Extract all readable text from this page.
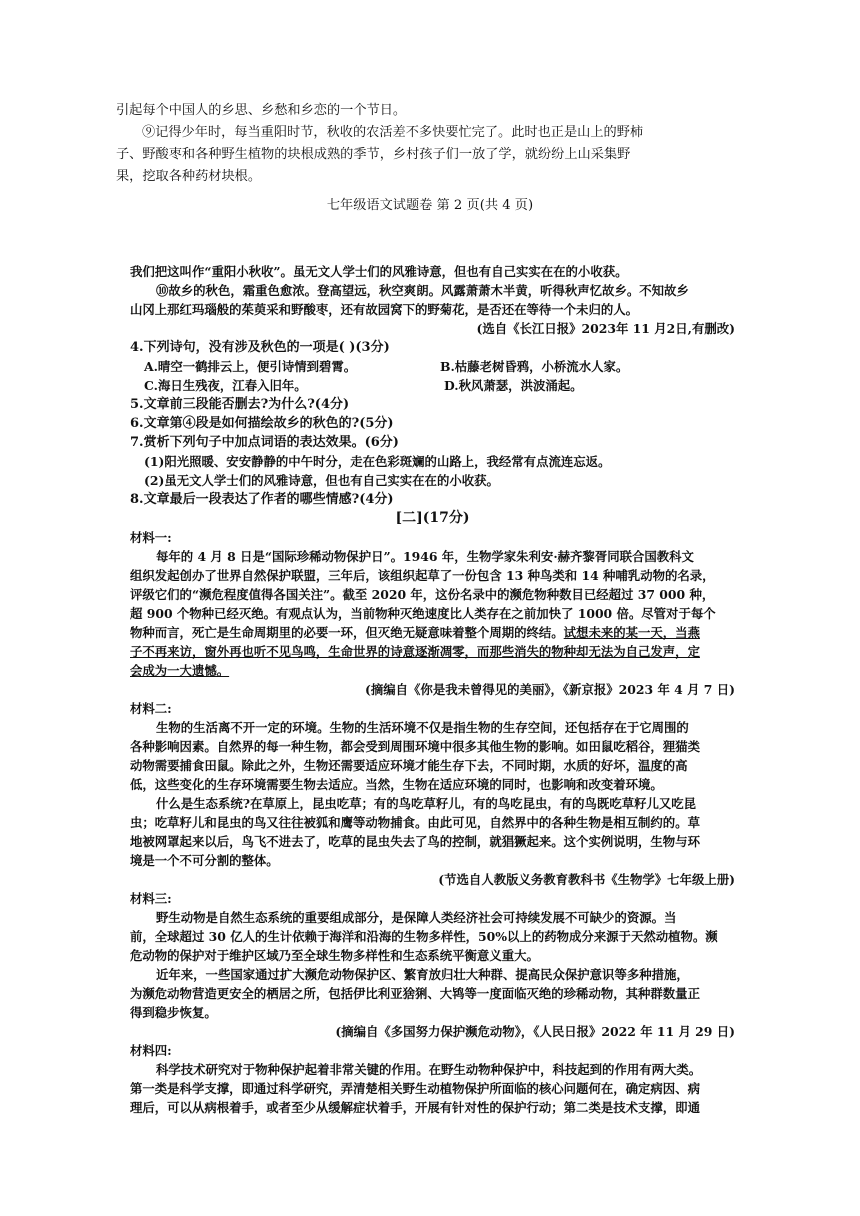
引起每个中国人的乡思、乡愁和乡恋的一个节日。
⑨记得少年时，每当重阳时节，秋收的农活差不多快要忙完了。此时也正是山上的野柿
子、野酸枣和各种野生植物的块根成熟的季节，乡村孩子们一放了学，就纷纷上山采集野
果，挖取各种药材块根。
七年级语文试题卷 第 2 页(共 4 页)
我们把这叫作“重阳小秋收”。虽无文人学士们的风雅诗意，但也有自己实实在在的小收获。
⑩故乡的秋色，霜重色愈浓。登高望远，秋空爽朗。风露萧萧木半黄，听得秋声忆故乡。不知故乡
山冈上那红玛瑙般的茱萸采和野酸枣，还有故园窝下的野菊花，是否还在等待一个未归的人。
(选自《长江日报》2023年 11 月2日,有删改)
4.下列诗句，没有涉及秋色的一项是( )(3分)
A.晴空一鹤排云上，便引诗情到碧霄。	B.枯藤老树昏鸦，小桥流水人家。
C.海日生残夜，江春入旧年。	D.秋风萧瑟，洪波涌起。
5.文章前三段能否删去?为什么?(4分)
6.文章第④段是如何描绘故乡的秋色的?(5分)
7.赏析下列句子中加点词语的表达效果。(6分)
(1)阳光照暖、安安静静的中午时分，走在色彩斑斓的山路上，我经常有点流连忘返。
(2)虽无文人学士们的风雅诗意，但也有自己实实在在的小收获。
8.文章最后一段表达了作者的哪些情感?(4分)
[二](17分)
材料一:
每年的 4 月 8 日是“国际珍稀动物保护日”。1946 年，生物学家朱利安·赫齐黎胥同联合国教科文
组织发起创办了世界自然保护联盟，三年后，该组织起草了一份包含 13 种鸟类和 14 种哺乳动物的名录，
评级它们的“濒危程度值得各国关注”。截至 2020 年，这份名录中的濒危物种数目已经超过 37 000 种，
超 900 个物种已经灭绝。有观点认为，当前物种灭绝速度比人类存在之前加快了 1000 倍。尽管对于每个
物种而言，死亡是生命周期里的必要一环，但灭绝无疑意味着整个周期的终结。试想未来的某一天，当燕
子不再来访，窗外再也听不见鸟鸣，生命世界的诗意逐渐凋零，而那些消失的物种却无法为自己发声，定
会成为一大遗憾。
(摘编自《你是我未曾得见的美丽》，《新京报》2023 年 4 月 7 日)
材料二:
生物的生活离不开一定的环境。生物的生活环境不仅是指生物的生存空间，还包括存在于它周围的
各种影响因素。自然界的每一种生物，都会受到周围环境中很多其他生物的影响。如田鼠吃稻谷，狸猫类
动物需要捕食田鼠。除此之外，生物还需要适应环境才能生存下去，不同时期，水质的好坏，温度的高
低，这些变化的生存环境需要生物去适应。当然，生物在适应环境的同时，也影响和改变着环境。
什么是生态系统?在草原上，昆虫吃草；有的鸟吃草籽儿，有的鸟吃昆虫，有的鸟既吃草籽儿又吃昆
虫；吃草籽儿和昆虫的鸟又往往被狐和鹰等动物捕食。由此可见，自然界中的各种生物是相互制约的。草
地被网罩起来以后，鸟飞不进去了，吃草的昆虫失去了鸟的控制，就猖獗起来。这个实例说明，生物与环
境是一个不可分割的整体。
(节选自人教版义务教育教科书《生物学》七年级上册)
材料三:
野生动物是自然生态系统的重要组成部分，是保障人类经济社会可持续发展不可缺少的资源。当
前，全球超过 30 亿人的生计依赖于海洋和沿海的生物多样性，50%以上的药物成分来源于天然动植物。濒
危动物的保护对于维护区域乃至全球生物多样性和生态系统平衡意义重大。
近年来，一些国家通过扩大濒危动物保护区、繁育放归壮大种群、提高民众保护意识等多种措施，
为濒危动物营造更安全的栖居之所，包括伊比利亚猞猁、大鸨等一度面临灭绝的珍稀动物，其种群数量正
得到稳步恢复。
(摘编自《多国努力保护濒危动物》，《人民日报》2022 年 11 月 29 日)
材料四:
科学技术研究对于物种保护起着非常关键的作用。在野生动物种保护中，科技起到的作用有两大类。
第一类是科学支撑，即通过科学研究，弄清楚相关野生动植物保护所面临的核心问题何在，确定病因、病
理后，可以从病根着手，或者至少从缓解症状着手，开展有针对性的保护行动；第二类是技术支撑，即通
